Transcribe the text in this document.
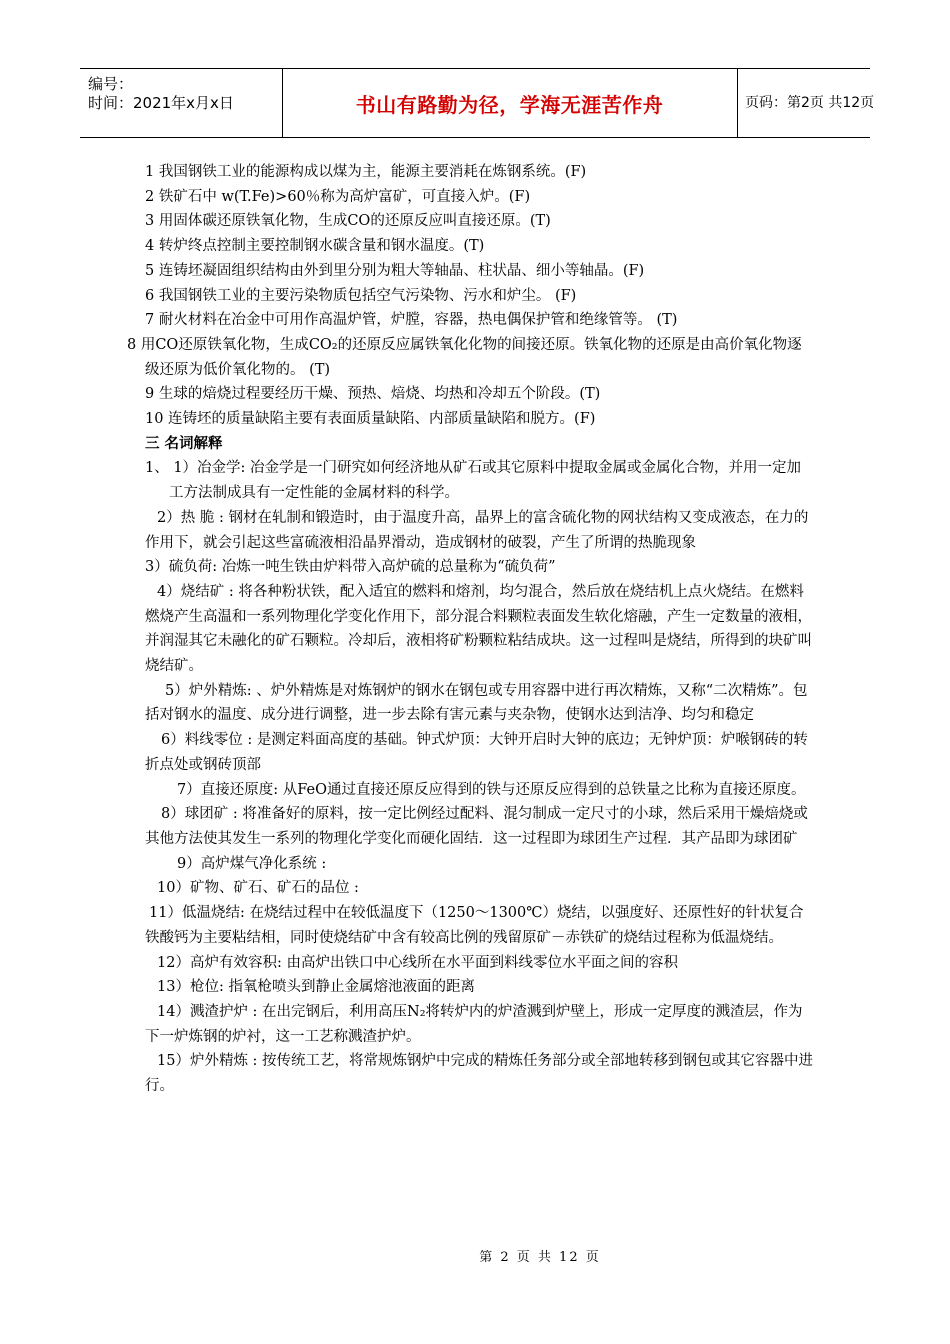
编号：
时间：2021年x月x日	书山有路勤为径，学海无涯苦作舟	页码：第2页 共12页

1 我国钢铁工业的能源构成以煤为主，能源主要消耗在炼钢系统。(F)

2 铁矿石中 w(T.Fe)>60％称为高炉富矿，可直接入炉。(F)

3 用固体碳还原铁氧化物，生成CO的还原反应叫直接还原。(T)

4 转炉终点控制主要控制钢水碳含量和钢水温度。(T)

5 连铸坯凝固组织结构由外到里分别为粗大等轴晶、柱状晶、细小等轴晶。(F)

6 我国钢铁工业的主要污染物质包括空气污染物、污水和炉尘。 (F)

7 耐火材料在冶金中可用作高温炉管，炉膛，容器，热电偶保护管和绝缘管等。 (T)

8 用CO还原铁氧化物，生成CO₂的还原反应属铁氧化化物的间接还原。铁氧化物的还原是由高价氧化物逐级还原为低价氧化物的。 (T)

9 生球的焙烧过程要经历干燥、预热、焙烧、均热和冷却五个阶段。(T)

10 连铸坯的质量缺陷主要有表面质量缺陷、内部质量缺陷和脱方。(F)

三 名词解释

1、 1）冶金学: 冶金学是一门研究如何经济地从矿石或其它原料中提取金属或金属化合物，并用一定加工方法制成具有一定性能的金属材料的科学。

2）热 脆 : 钢材在轧制和锻造时，由于温度升高，晶界上的富含硫化物的网状结构又变成液态，在力的作用下，就会引起这些富硫液相沿晶界滑动，造成钢材的破裂，产生了所谓的热脆现象

3）硫负荷: 冶炼一吨生铁由炉料带入高炉硫的总量称为“硫负荷”

4）烧结矿 : 将各种粉状铁，配入适宜的燃料和熔剂，均匀混合，然后放在烧结机上点火烧结。在燃料燃烧产生高温和一系列物理化学变化作用下，部分混合料颗粒表面发生软化熔融，产生一定数量的液相，并润湿其它未融化的矿石颗粒。冷却后，液相将矿粉颗粒粘结成块。这一过程叫是烧结，所得到的块矿叫烧结矿。

5）炉外精炼: 、炉外精炼是对炼钢炉的钢水在钢包或专用容器中进行再次精炼，又称“二次精炼”。包括对钢水的温度、成分进行调整，进一步去除有害元素与夹杂物，使钢水达到洁净、均匀和稳定

6）料线零位 : 是测定料面高度的基础。钟式炉顶：大钟开启时大钟的底边；无钟炉顶：炉喉钢砖的转折点处或钢砖顶部

7）直接还原度: 从FeO通过直接还原反应得到的铁与还原反应得到的总铁量之比称为直接还原度。

8）球团矿 : 将准备好的原料，按一定比例经过配料、混匀制成一定尺寸的小球，然后采用干燥焙烧或其他方法使其发生一系列的物理化学变化而硬化固结．这一过程即为球团生产过程．其产品即为球团矿

9）高炉煤气净化系统 :

10）矿物、矿石、矿石的品位 :

11）低温烧结: 在烧结过程中在较低温度下（1250～1300℃）烧结，以强度好、还原性好的针状复合铁酸钙为主要粘结相，同时使烧结矿中含有较高比例的残留原矿－赤铁矿的烧结过程称为低温烧结。

12）高炉有效容积: 由高炉出铁口中心线所在水平面到料线零位水平面之间的容积

13）枪位: 指氧枪喷头到静止金属熔池液面的距离

14）溅渣护炉 : 在出完钢后，利用高压N₂将转炉内的炉渣溅到炉壁上，形成一定厚度的溅渣层，作为下一炉炼钢的炉衬，这一工艺称溅渣护炉。

15）炉外精炼 : 按传统工艺，将常规炼钢炉中完成的精炼任务部分或全部地转移到钢包或其它容器中进行。

第 2 页 共 12 页
